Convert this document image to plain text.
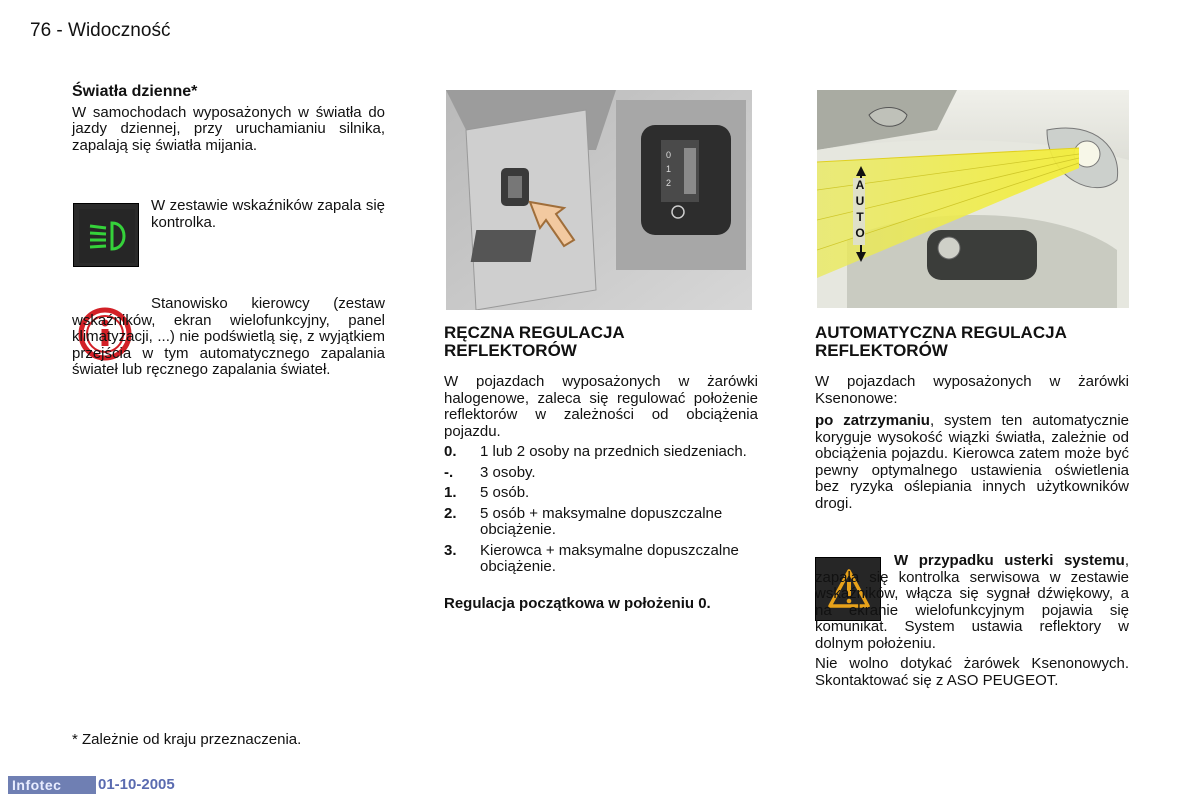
76 - Widoczność
Światła dzienne*

W samochodach wyposażonych w światła do jazdy dziennej, przy uruchamianiu silnika, zapalają się światła mijania.

W zestawie wskaźników zapala się kontrolka.

Stanowisko kierowcy (zestaw wskaźników, ekran wielofunkcyjny, panel klimatyzacji, ...) nie podświetlą się, z wyjątkiem przejścia w tym automatycznego zapalania świateł lub ręcznego zapalania świateł.

* Zależnie od kraju przeznaczenia.
0
1
2
RĘCZNA REGULACJA REFLEKTORÓW

W pojazdach wyposażonych w żarówki halogenowe, zaleca się regulować położenie reflektorów w zależności od obciążenia pojazdu.

0.	1 lub 2 osoby na przednich siedzeniach.
-.	3 osoby.
1.	5 osób.
2.	5 osób + maksymalne dopuszczalne obciążenie.
3.	Kierowca + maksymalne dopuszczalne obciążenie.

Regulacja początkowa w położeniu 0.

AUTO
AUTOMATYCZNA REGULACJA REFLEKTORÓW

W pojazdach wyposażonych w żarówki Ksenonowe:

po zatrzymaniu, system ten automatycznie koryguje wysokość wiązki światła, zależnie od obciążenia pojazdu. Kierowca zatem może być pewny optymalnego ustawienia oświetlenia bez ryzyka oślepiania innych użytkowników drogi.

W przypadku usterki systemu, zapala się kontrolka serwisowa w zestawie wskaźników, włącza się sygnał dźwiękowy, a na ekranie wielofunkcyjnym pojawia się komunikat. System ustawia reflektory w dolnym położeniu.

Nie wolno dotykać żarówek Ksenonowych. Skontaktować się z ASO PEUGEOT.

Infotec	01-10-2005
